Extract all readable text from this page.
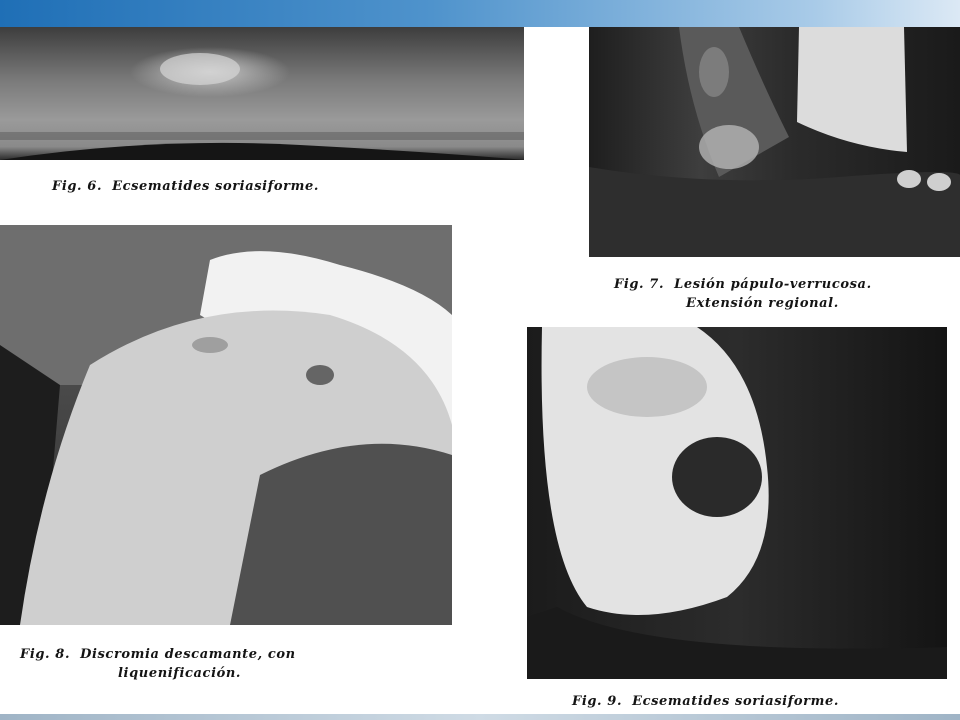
Fig. 6. Ecsematides soriasiforme.

Fig. 7. Lesión pápulo-verrucosa.
Extensión regional.

Fig. 8. Discromia descamante, con
liquenificación.

Fig. 9. Ecsematides soriasiforme.
